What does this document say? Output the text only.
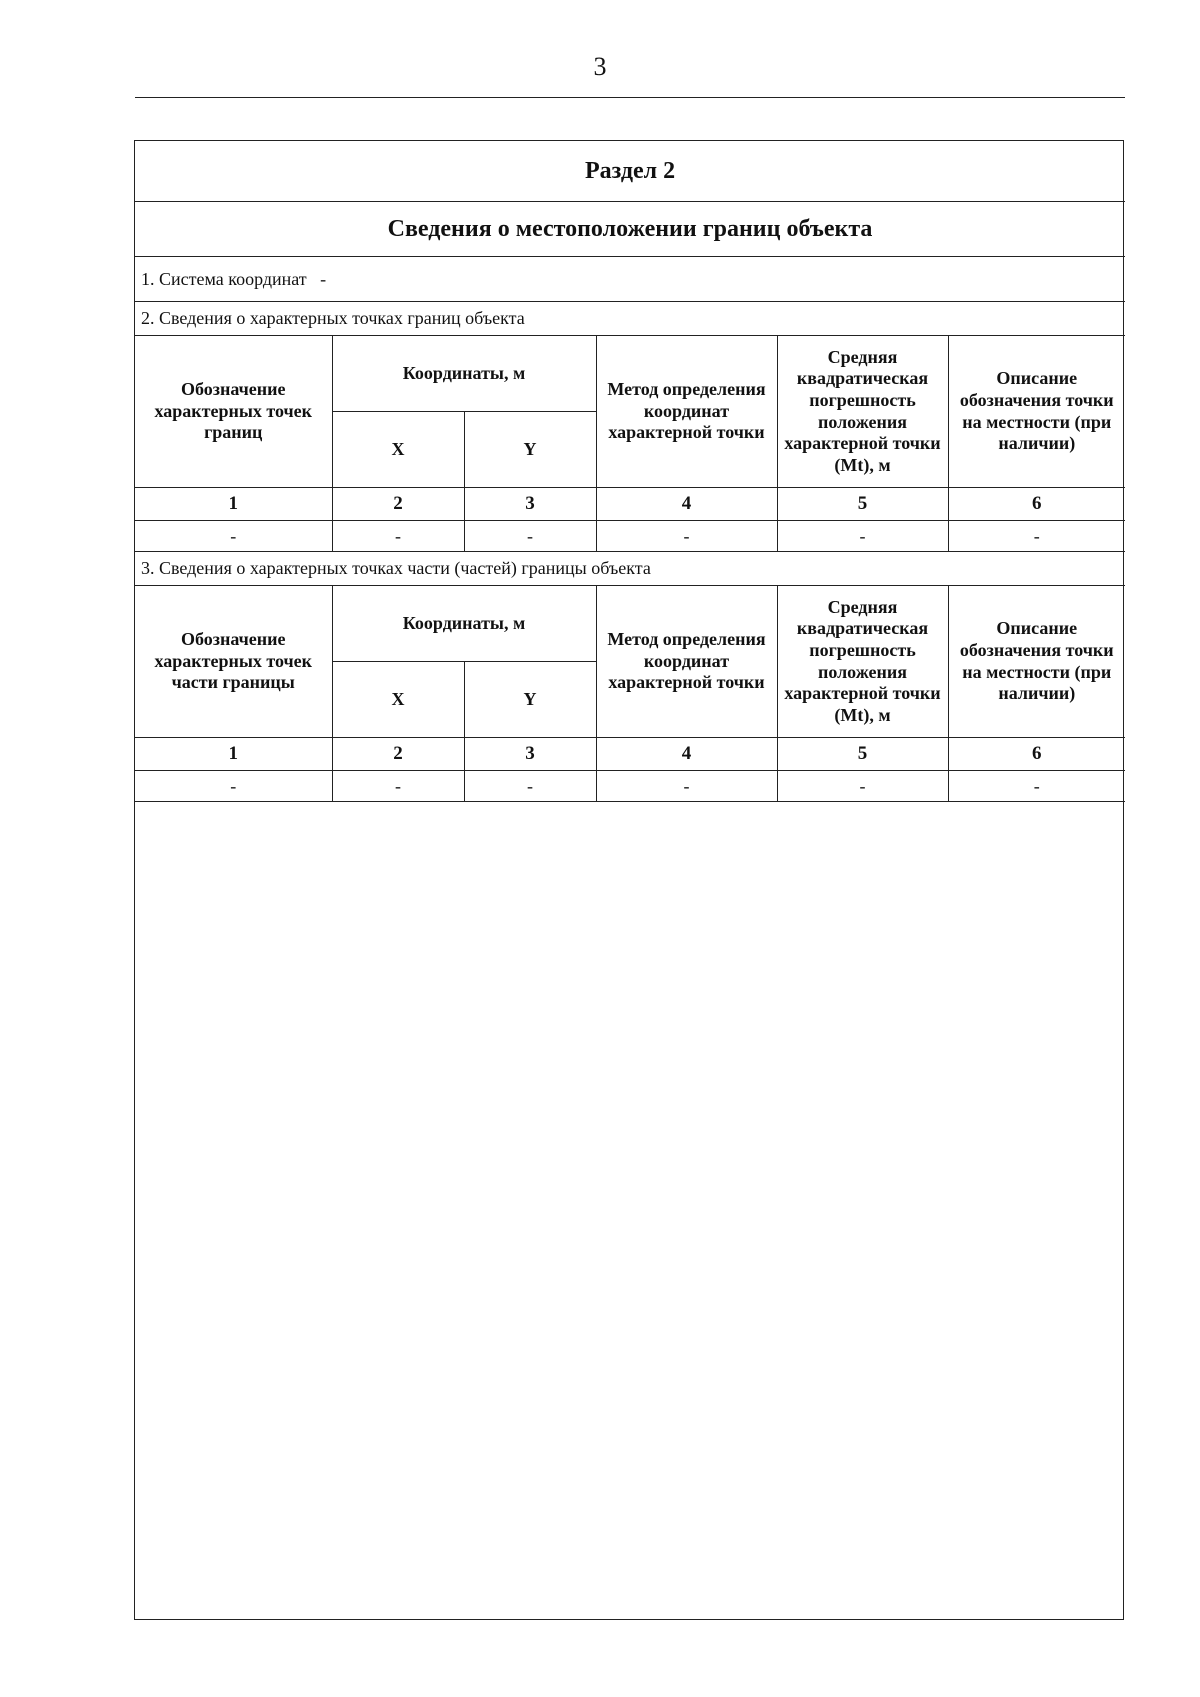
3
Раздел 2					
Сведения о местоположении границ объекта					
1. Система координат -					
2. Сведения о характерных точках границ объекта					
Обозначение характерных точек границ	Координаты, м		Метод определения координат характерной точки	Средняя квадратическая погрешность положения характерной точки (Mt), м	Описание обозначения точки на местности (при наличии)
	X	Y			
1	2	3	4	5	6
-	-	-	-	-	-
3. Сведения о характерных точках части (частей) границы объекта					
Обозначение характерных точек части границы	Координаты, м		Метод определения координат характерной точки	Средняя квадратическая погрешность положения характерной точки (Mt), м	Описание обозначения точки на местности (при наличии)
	X	Y			
1	2	3	4	5	6
-	-	-	-	-	-
